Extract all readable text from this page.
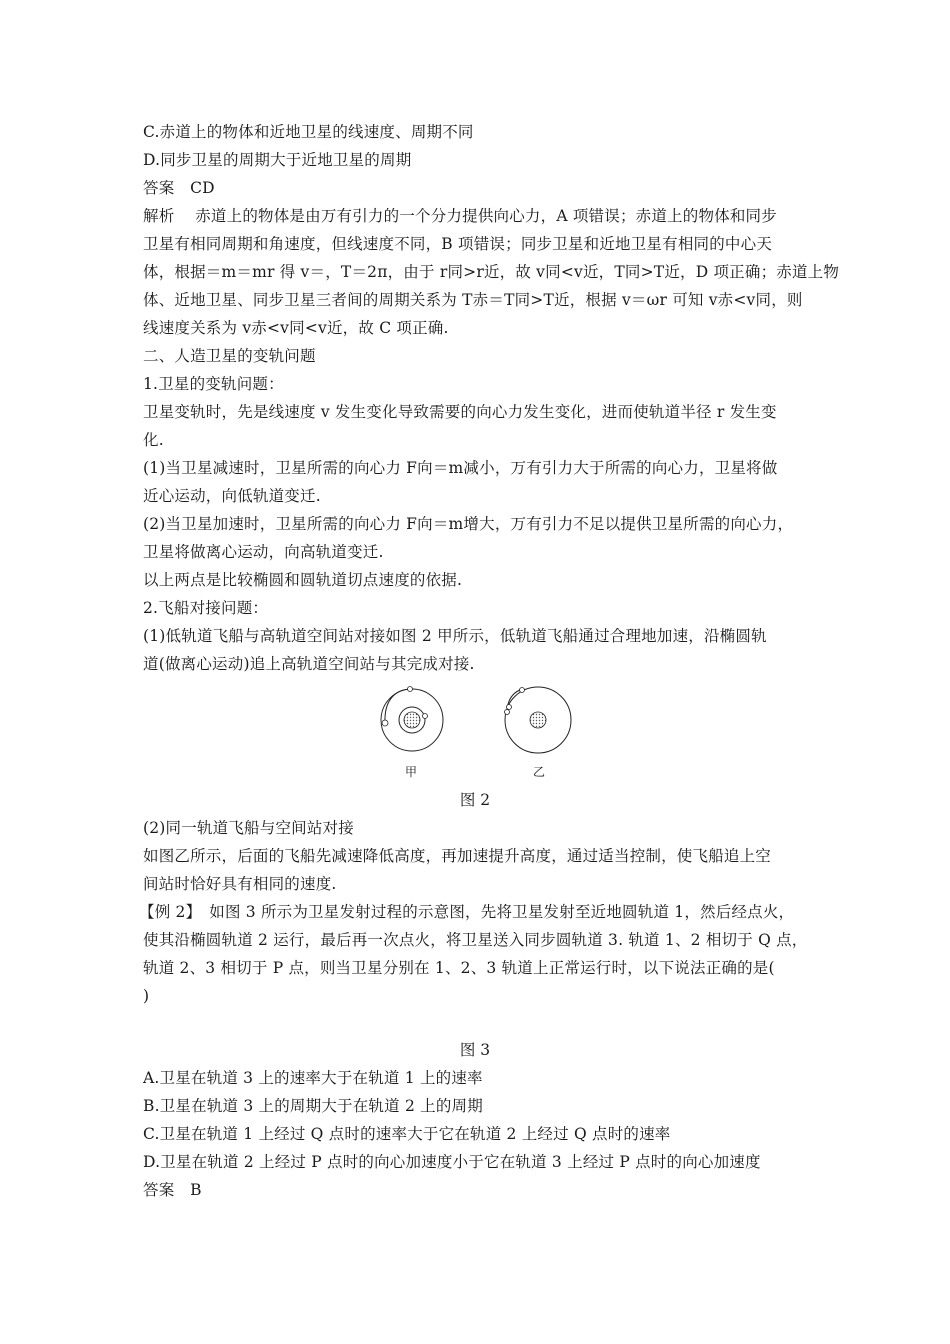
C.赤道上的物体和近地卫星的线速度、周期不同
D.同步卫星的周期大于近地卫星的周期
答案　CD
解析　 赤道上的物体是由万有引力的一个分力提供向心力，A 项错误；赤道上的物体和同步
卫星有相同周期和角速度，但线速度不同，B 项错误；同步卫星和近地卫星有相同的中心天
体，根据＝m＝mr 得 v＝，T＝2π，由于 r同>r近，故 v同<v近，T同>T近，D 项正确；赤道上物
体、近地卫星、同步卫星三者间的周期关系为 T赤＝T同>T近，根据 v＝ωr 可知 v赤<v同，则
线速度关系为 v赤<v同<v近，故 C 项正确.
二、人造卫星的变轨问题
1.卫星的变轨问题：
卫星变轨时，先是线速度 v 发生变化导致需要的向心力发生变化，进而使轨道半径 r 发生变
化.
(1)当卫星减速时，卫星所需的向心力 F向＝m减小，万有引力大于所需的向心力，卫星将做
近心运动，向低轨道变迁.
(2)当卫星加速时，卫星所需的向心力 F向＝m增大，万有引力不足以提供卫星所需的向心力，
卫星将做离心运动，向高轨道变迁.
以上两点是比较椭圆和圆轨道切点速度的依据.
2.飞船对接问题：
(1)低轨道飞船与高轨道空间站对接如图 2 甲所示，低轨道飞船通过合理地加速，沿椭圆轨
道(做离心运动)追上高轨道空间站与其完成对接.
甲	乙
图 2
(2)同一轨道飞船与空间站对接
如图乙所示，后面的飞船先减速降低高度，再加速提升高度，通过适当控制，使飞船追上空
间站时恰好具有相同的速度.
【例 2】　如图 3 所示为卫星发射过程的示意图，先将卫星发射至近地圆轨道 1，然后经点火，
使其沿椭圆轨道 2 运行，最后再一次点火，将卫星送入同步圆轨道 3. 轨道 1、2 相切于 Q 点，
轨道 2、3 相切于 P 点，则当卫星分别在 1、2、3 轨道上正常运行时，以下说法正确的是(
)
图 3
A.卫星在轨道 3 上的速率大于在轨道 1 上的速率
B.卫星在轨道 3 上的周期大于在轨道 2 上的周期
C.卫星在轨道 1 上经过 Q 点时的速率大于它在轨道 2 上经过 Q 点时的速率
D.卫星在轨道 2 上经过 P 点时的向心加速度小于它在轨道 3 上经过 P 点时的向心加速度
答案　B
